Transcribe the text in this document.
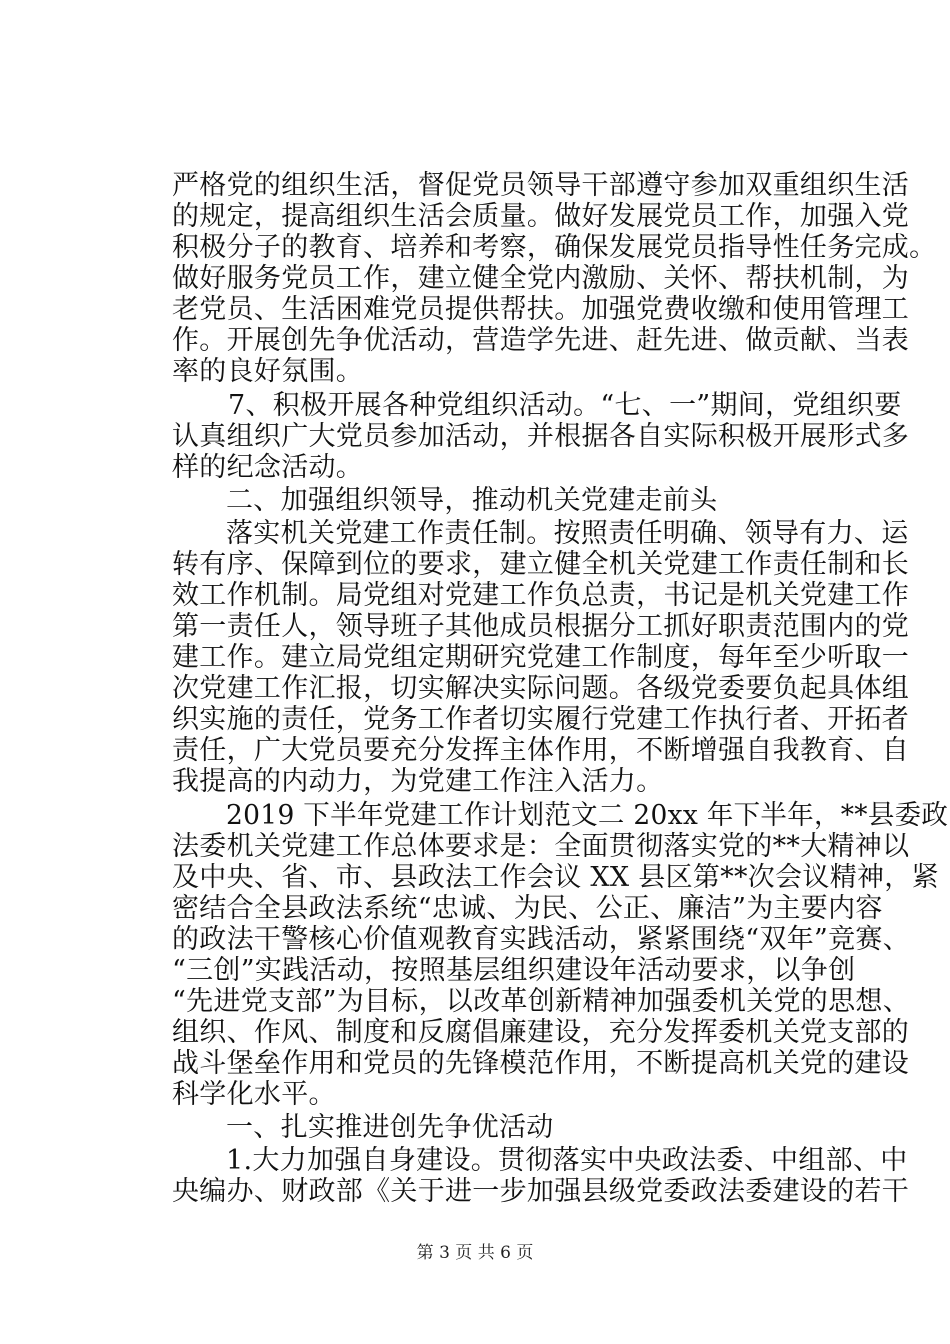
严格党的组织生活，督促党员领导干部遵守参加双重组织生活
的规定，提高组织生活会质量。做好发展党员工作，加强入党
积极分子的教育、培养和考察，确保发展党员指导性任务完成。
做好服务党员工作，建立健全党内激励、关怀、帮扶机制，为
老党员、生活困难党员提供帮扶。加强党费收缴和使用管理工
作。开展创先争优活动，营造学先进、赶先进、做贡献、当表
率的良好氛围。
7、积极开展各种党组织活动。“七、一”期间，党组织要
认真组织广大党员参加活动，并根据各自实际积极开展形式多
样的纪念活动。
二、加强组织领导，推动机关党建走前头
落实机关党建工作责任制。按照责任明确、领导有力、运
转有序、保障到位的要求，建立健全机关党建工作责任制和长
效工作机制。局党组对党建工作负总责，书记是机关党建工作
第一责任人，领导班子其他成员根据分工抓好职责范围内的党
建工作。建立局党组定期研究党建工作制度，每年至少听取一
次党建工作汇报，切实解决实际问题。各级党委要负起具体组
织实施的责任，党务工作者切实履行党建工作执行者、开拓者
责任，广大党员要充分发挥主体作用，不断增强自我教育、自
我提高的内动力，为党建工作注入活力。
2019 下半年党建工作计划范文二 20xx 年下半年，**县委政
法委机关党建工作总体要求是：全面贯彻落实党的**大精神以
及中央、省、市、县政法工作会议 XX 县区第**次会议精神，紧
密结合全县政法系统“忠诚、为民、公正、廉洁”为主要内容
的政法干警核心价值观教育实践活动，紧紧围绕“双年”竞赛、
“三创”实践活动，按照基层组织建设年活动要求，以争创
“先进党支部”为目标，以改革创新精神加强委机关党的思想、
组织、作风、制度和反腐倡廉建设，充分发挥委机关党支部的
战斗堡垒作用和党员的先锋模范作用，不断提高机关党的建设
科学化水平。
一、扎实推进创先争优活动
1.大力加强自身建设。贯彻落实中央政法委、中组部、中
央编办、财政部《关于进一步加强县级党委政法委建设的若干
第 3 页 共 6 页
